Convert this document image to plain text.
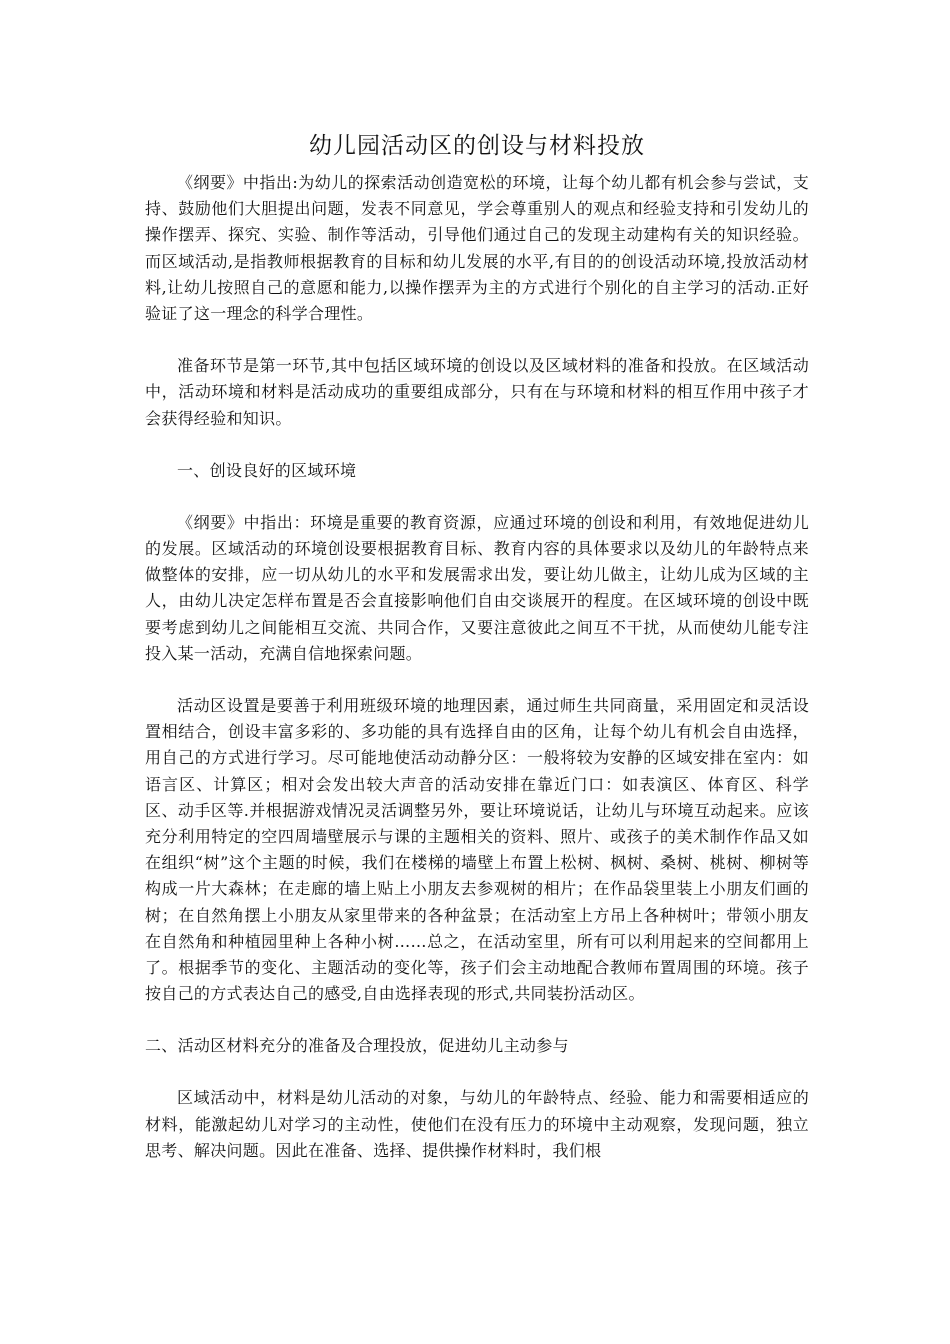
幼儿园活动区的创设与材料投放

《纲要》中指出:为幼儿的探索活动创造宽松的环境，让每个幼儿都有机会参与尝试，支持、鼓励他们大胆提出问题，发表不同意见，学会尊重别人的观点和经验支持和引发幼儿的操作摆弄、探究、实验、制作等活动，引导他们通过自己的发现主动建构有关的知识经验。而区域活动,是指教师根据教育的目标和幼儿发展的水平,有目的的创设活动环境,投放活动材料,让幼儿按照自己的意愿和能力,以操作摆弄为主的方式进行个别化的自主学习的活动.正好验证了这一理念的科学合理性。

准备环节是第一环节,其中包括区域环境的创设以及区域材料的准备和投放。在区域活动中，活动环境和材料是活动成功的重要组成部分，只有在与环境和材料的相互作用中孩子才会获得经验和知识。

一、创设良好的区域环境

《纲要》中指出：环境是重要的教育资源，应通过环境的创设和利用，有效地促进幼儿的发展。区域活动的环境创设要根据教育目标、教育内容的具体要求以及幼儿的年龄特点来做整体的安排，应一切从幼儿的水平和发展需求出发，要让幼儿做主，让幼儿成为区域的主人，由幼儿决定怎样布置是否会直接影响他们自由交谈展开的程度。在区域环境的创设中既要考虑到幼儿之间能相互交流、共同合作，又要注意彼此之间互不干扰，从而使幼儿能专注投入某一活动，充满自信地探索问题。

活动区设置是要善于利用班级环境的地理因素，通过师生共同商量，采用固定和灵活设置相结合，创设丰富多彩的、多功能的具有选择自由的区角，让每个幼儿有机会自由选择，用自己的方式进行学习。尽可能地使活动动静分区：一般将较为安静的区域安排在室内：如语言区、计算区；相对会发出较大声音的活动安排在靠近门口：如表演区、体育区、科学区、动手区等.并根据游戏情况灵活调整另外，要让环境说话，让幼儿与环境互动起来。应该充分利用特定的空四周墙壁展示与课的主题相关的资料、照片、或孩子的美术制作作品又如在组织“树”这个主题的时候，我们在楼梯的墙壁上布置上松树、枫树、桑树、桃树、柳树等构成一片大森林；在走廊的墙上贴上小朋友去参观树的相片；在作品袋里装上小朋友们画的树；在自然角摆上小朋友从家里带来的各种盆景；在活动室上方吊上各种树叶；带领小朋友在自然角和种植园里种上各种小树……总之，在活动室里，所有可以利用起来的空间都用上了。根据季节的变化、主题活动的变化等，孩子们会主动地配合教师布置周围的环境。孩子按自己的方式表达自己的感受,自由选择表现的形式,共同装扮活动区。

二、活动区材料充分的准备及合理投放，促进幼儿主动参与

区域活动中，材料是幼儿活动的对象，与幼儿的年龄特点、经验、能力和需要相适应的材料，能激起幼儿对学习的主动性，使他们在没有压力的环境中主动观察，发现问题，独立思考、解决问题。因此在准备、选择、提供操作材料时，我们根
